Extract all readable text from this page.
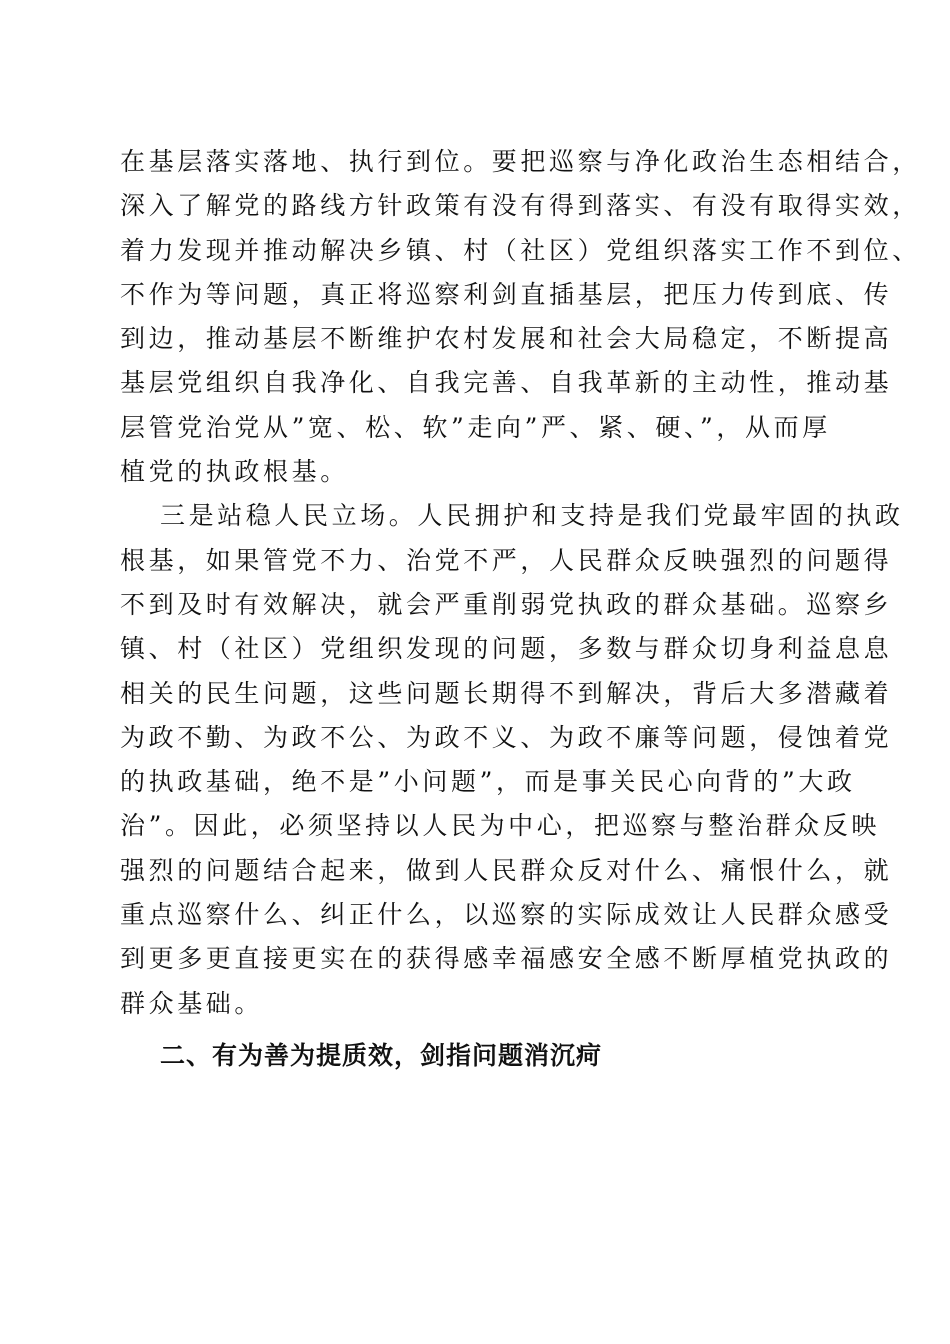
在基层落实落地、执行到位。要把巡察与净化政治生态相结合，
深入了解党的路线方针政策有没有得到落实、有没有取得实效，
着力发现并推动解决乡镇、村（社区）党组织落实工作不到位、
不作为等问题，真正将巡察利剑直插基层，把压力传到底、传
到边，推动基层不断维护农村发展和社会大局稳定，不断提高
基层党组织自我净化、自我完善、自我革新的主动性，推动基
层管党治党从”宽、松、软”走向”严、紧、硬、”，从而厚
植党的执政根基。
三是站稳人民立场。人民拥护和支持是我们党最牢固的执政
根基，如果管党不力、治党不严，人民群众反映强烈的问题得
不到及时有效解决，就会严重削弱党执政的群众基础。巡察乡
镇、村（社区）党组织发现的问题，多数与群众切身利益息息
相关的民生问题，这些问题长期得不到解决，背后大多潜藏着
为政不勤、为政不公、为政不义、为政不廉等问题，侵蚀着党
的执政基础，绝不是”小问题”，而是事关民心向背的”大政
治”。因此，必须坚持以人民为中心，把巡察与整治群众反映
强烈的问题结合起来，做到人民群众反对什么、痛恨什么，就
重点巡察什么、纠正什么，以巡察的实际成效让人民群众感受
到更多更直接更实在的获得感幸福感安全感不断厚植党执政的
群众基础。
二、有为善为提质效，剑指问题消沉疴
